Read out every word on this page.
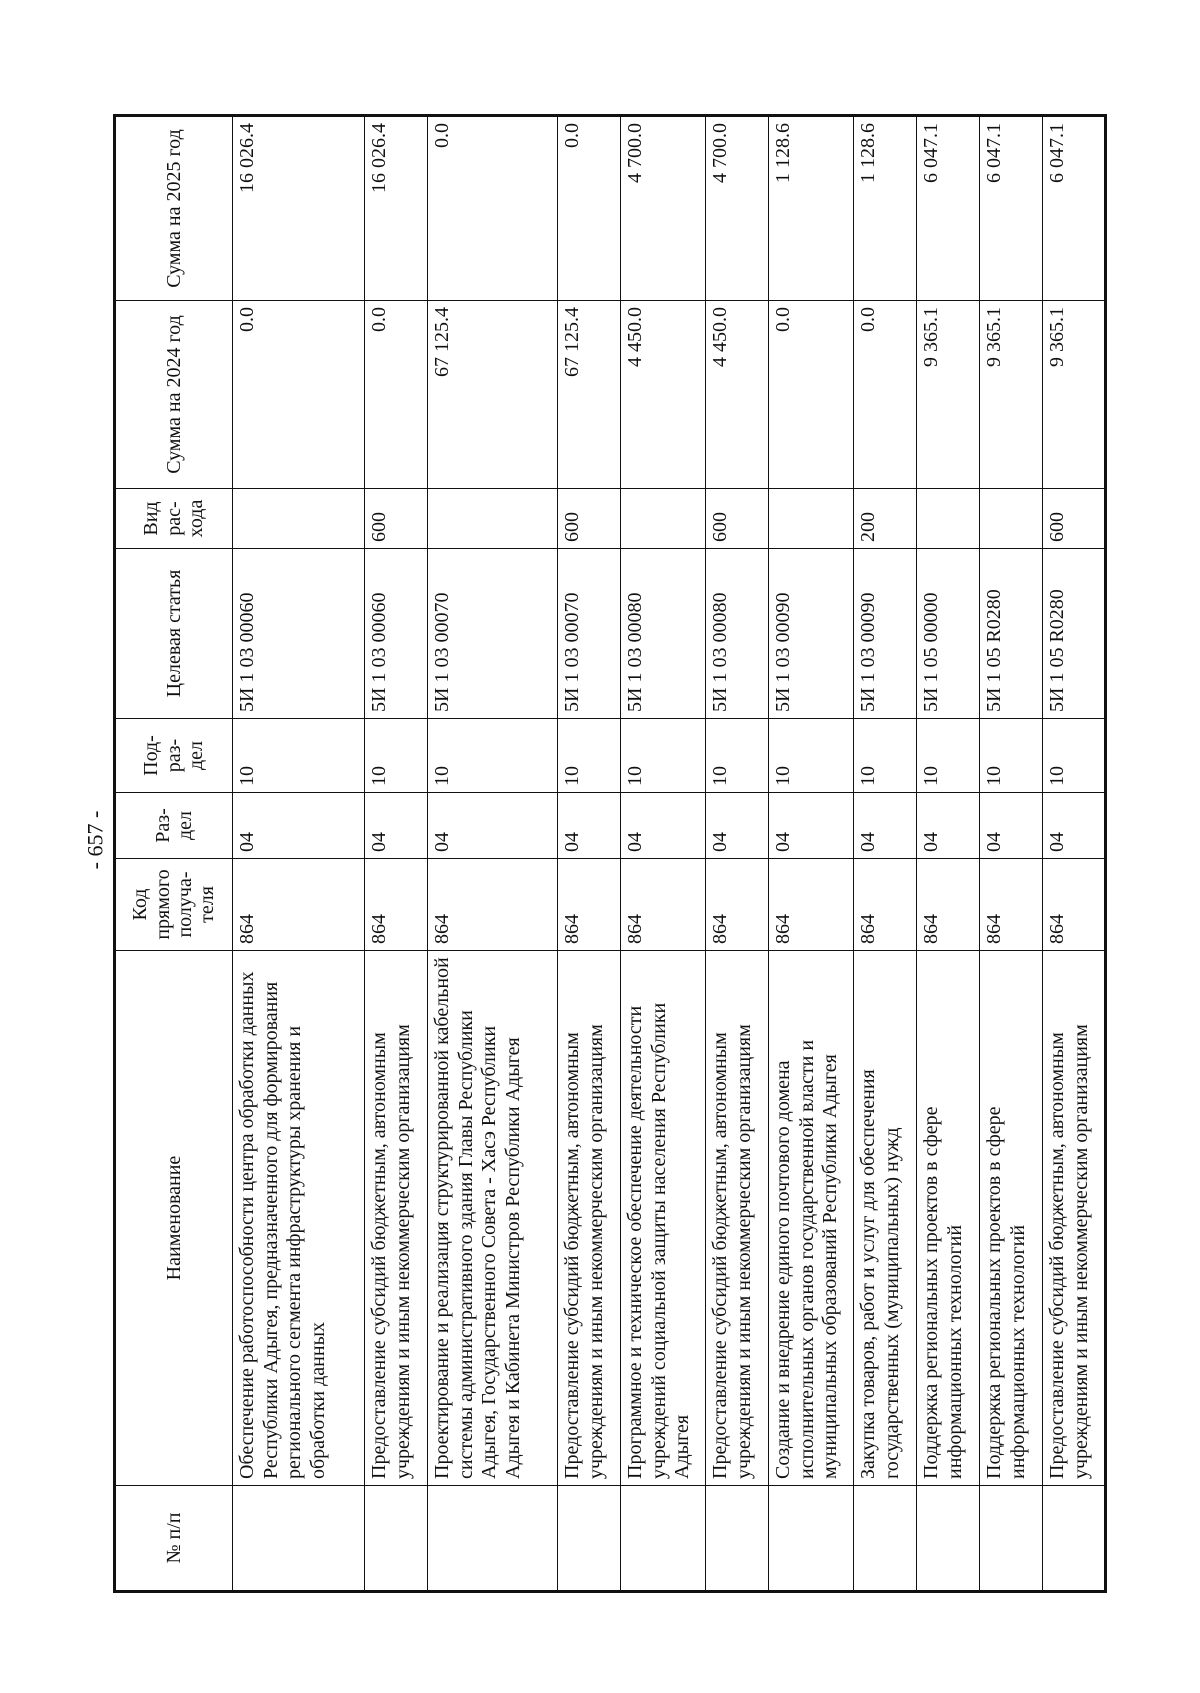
- 657 -
№ п/п	Наименование	Код прямого получа-теля	Раз-дел	Под-раз-дел	Целевая статья	Вид рас-хода	Сумма на 2024 год	Сумма на 2025 год
	Обеспечение работоспособности центра обработки данных Республики Адыгея, предназначенного для формирования регионального сегмента инфраструктуры хранения и обработки данных	864	04	10	5И 1 03 00060		0.0	16 026.4
	Предоставление субсидий бюджетным, автономным учреждениям и иным некоммерческим организациям	864	04	10	5И 1 03 00060	600	0.0	16 026.4
	Проектирование и реализация структурированной кабельной системы административного здания Главы Республики Адыгея, Государственного Совета - Хасэ Республики Адыгея и Кабинета Министров Республики Адыгея	864	04	10	5И 1 03 00070		67 125.4	0.0
	Предоставление субсидий бюджетным, автономным учреждениям и иным некоммерческим организациям	864	04	10	5И 1 03 00070	600	67 125.4	0.0
	Программное и техническое обеспечение деятельности учреждений социальной защиты населения Республики Адыгея	864	04	10	5И 1 03 00080		4 450.0	4 700.0
	Предоставление субсидий бюджетным, автономным учреждениям и иным некоммерческим организациям	864	04	10	5И 1 03 00080	600	4 450.0	4 700.0
	Создание и внедрение единого почтового домена исполнительных органов государственной власти и муниципальных образований Республики Адыгея	864	04	10	5И 1 03 00090		0.0	1 128.6
	Закупка товаров, работ и услуг для обеспечения государственных (муниципальных) нужд	864	04	10	5И 1 03 00090	200	0.0	1 128.6
	Поддержка региональных проектов в сфере информационных технологий	864	04	10	5И 1 05 00000		9 365.1	6 047.1
	Поддержка региональных проектов в сфере информационных технологий	864	04	10	5И 1 05 R0280		9 365.1	6 047.1
	Предоставление субсидий бюджетным, автономным учреждениям и иным некоммерческим организациям	864	04	10	5И 1 05 R0280	600	9 365.1	6 047.1
